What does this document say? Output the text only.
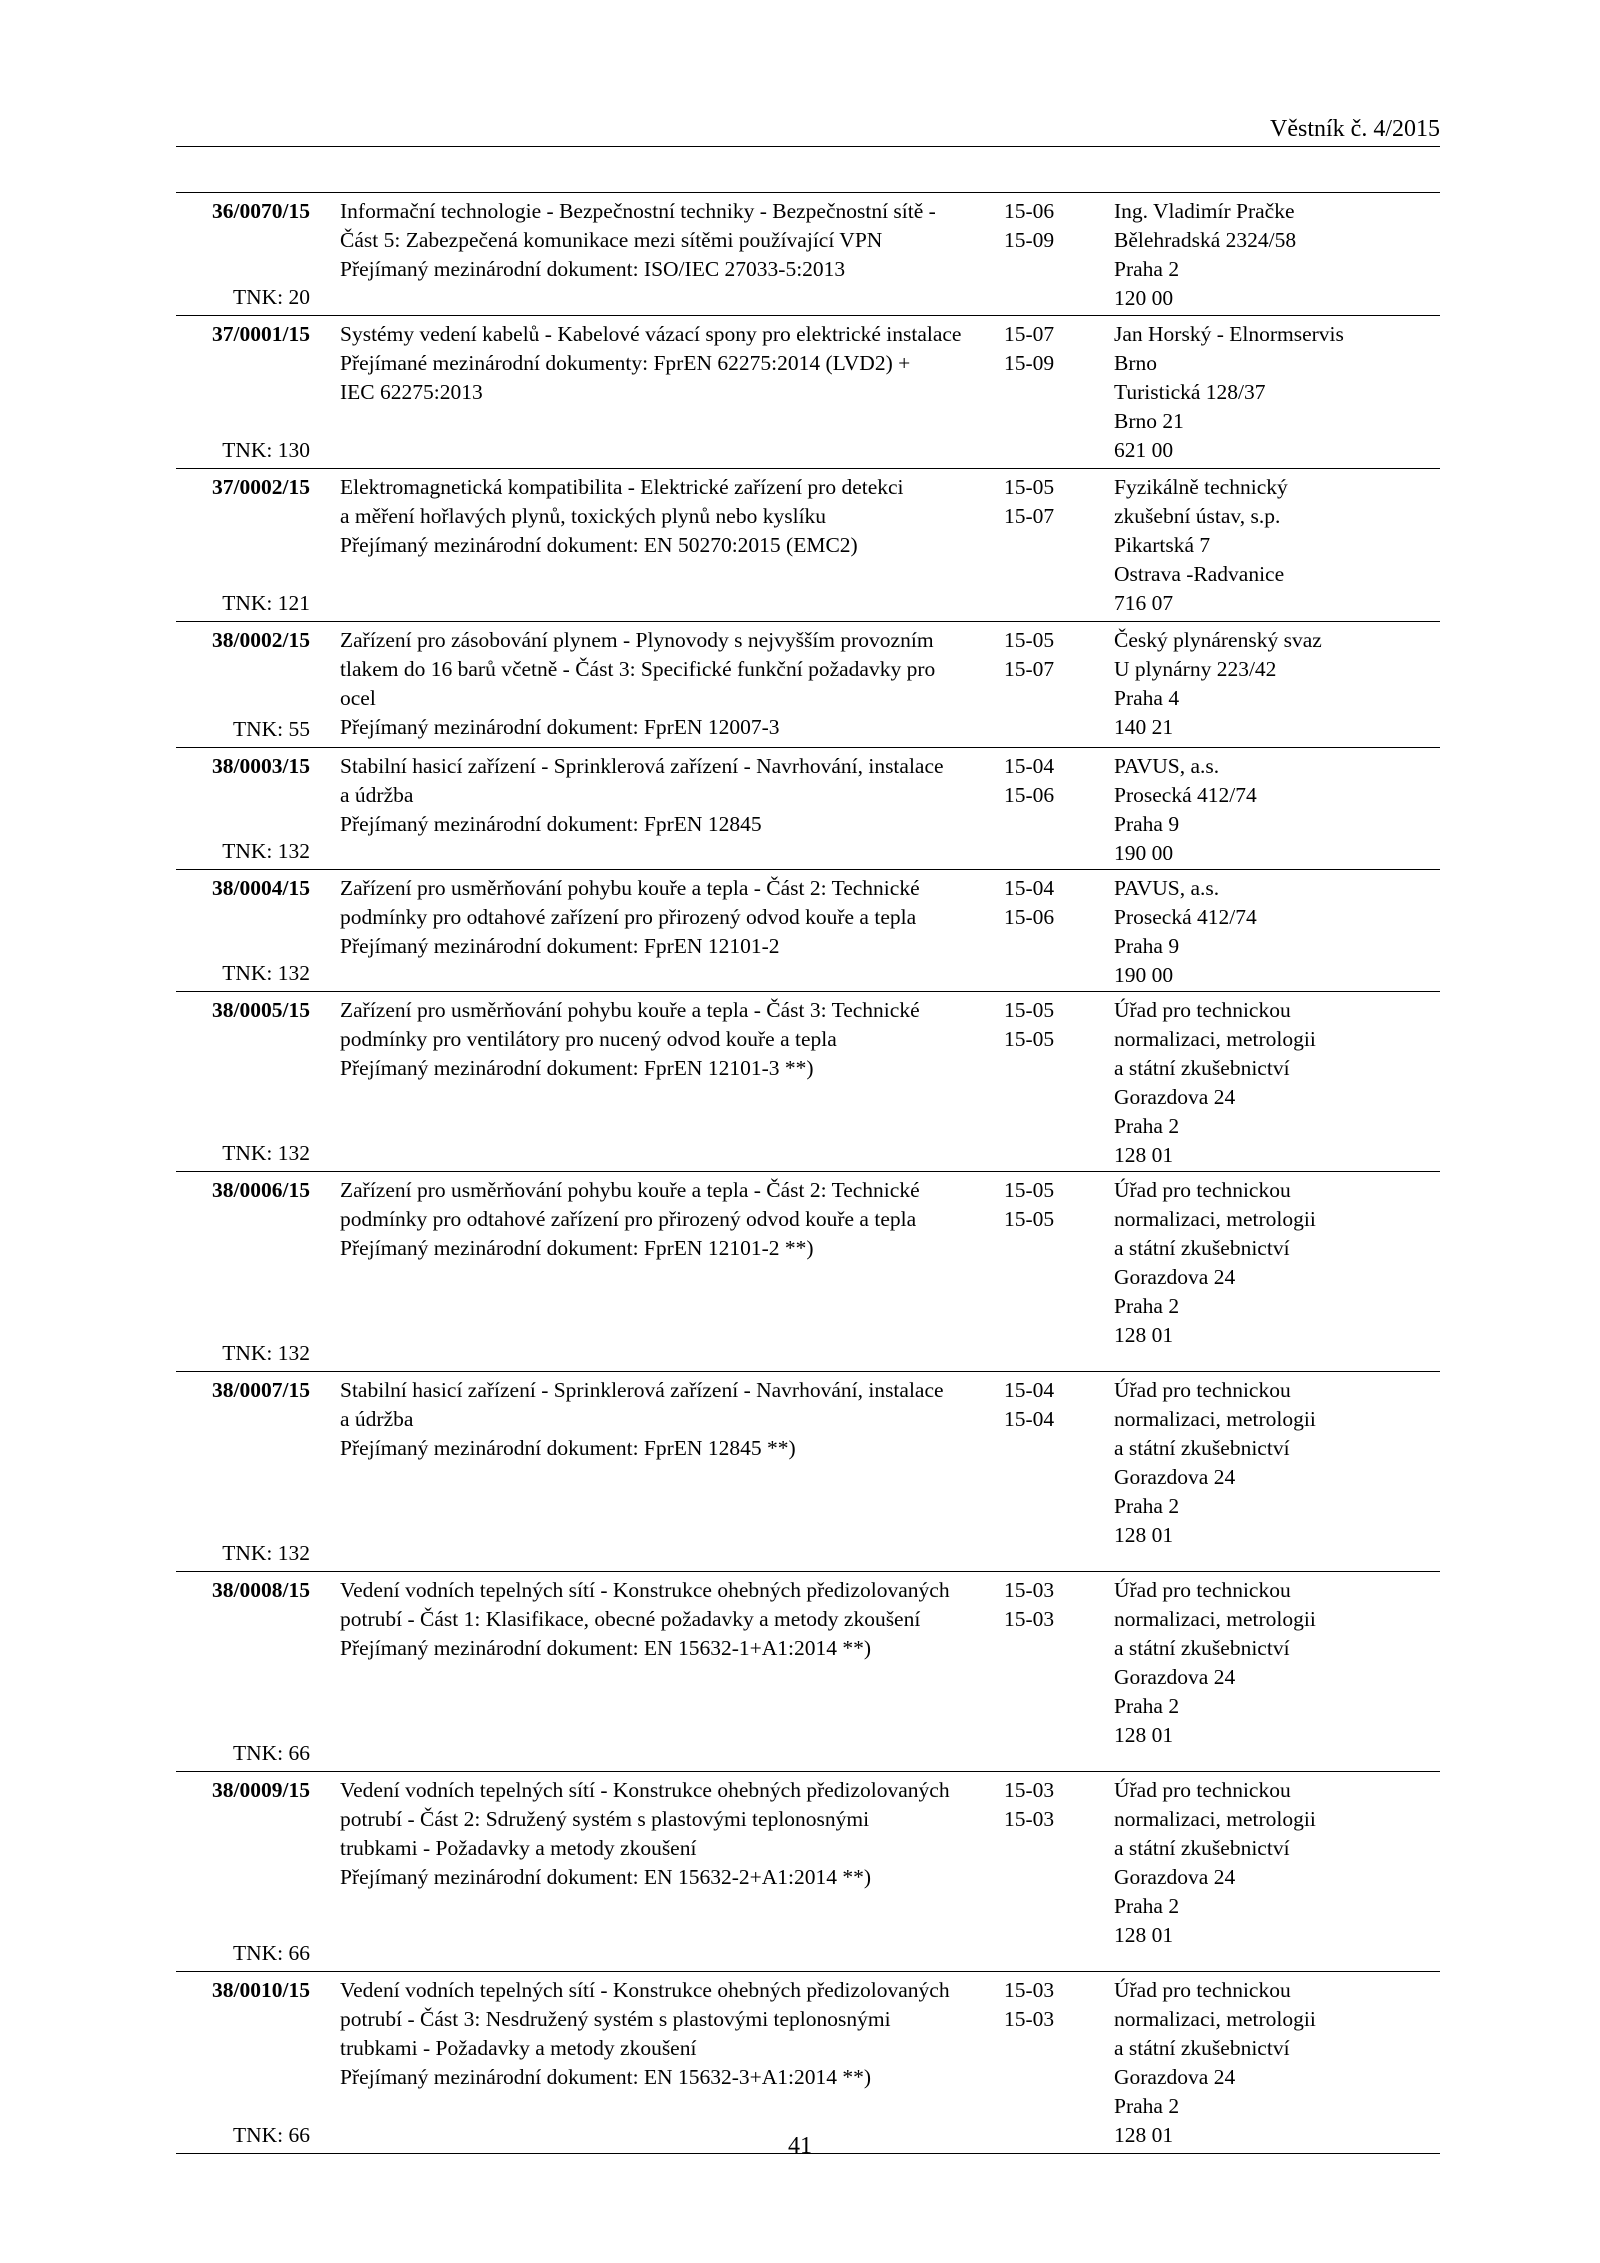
Věstník č. 4/2015
36/0070/15
TNK: 20
Informační technologie - Bezpečnostní techniky - Bezpečnostní sítě -
Část 5: Zabezpečená komunikace mezi sítěmi používající VPN
Přejímaný mezinárodní dokument: ISO/IEC 27033-5:2013
15-06
15-09
Ing. Vladimír Pračke
Bělehradská 2324/58
Praha 2
120 00
37/0001/15
TNK: 130
Systémy vedení kabelů - Kabelové vázací spony pro elektrické instalace
Přejímané mezinárodní dokumenty: FprEN 62275:2014 (LVD2) +
IEC 62275:2013
15-07
15-09
Jan Horský - Elnormservis
Brno
Turistická 128/37
Brno 21
621 00
37/0002/15
TNK: 121
Elektromagnetická kompatibilita - Elektrické zařízení pro detekci
a měření hořlavých plynů, toxických plynů nebo kyslíku
Přejímaný mezinárodní dokument: EN 50270:2015 (EMC2)
15-05
15-07
Fyzikálně technický
zkušební ústav, s.p.
Pikartská 7
Ostrava -Radvanice
716 07
38/0002/15
TNK: 55
Zařízení pro zásobování plynem - Plynovody s nejvyšším provozním
tlakem do 16 barů včetně - Část 3: Specifické funkční požadavky pro
ocel
Přejímaný mezinárodní dokument: FprEN 12007-3
15-05
15-07
Český plynárenský svaz
U plynárny 223/42
Praha 4
140 21
38/0003/15
TNK: 132
Stabilní hasicí zařízení - Sprinklerová zařízení - Navrhování, instalace
a údržba
Přejímaný mezinárodní dokument: FprEN 12845
15-04
15-06
PAVUS, a.s.
Prosecká 412/74
Praha 9
190 00
38/0004/15
TNK: 132
Zařízení pro usměrňování pohybu kouře a tepla - Část 2: Technické
podmínky pro odtahové zařízení pro přirozený odvod kouře a tepla
Přejímaný mezinárodní dokument: FprEN 12101-2
15-04
15-06
PAVUS, a.s.
Prosecká 412/74
Praha 9
190 00
38/0005/15
TNK: 132
Zařízení pro usměrňování pohybu kouře a tepla - Část 3: Technické
podmínky pro ventilátory pro nucený odvod kouře a tepla
Přejímaný mezinárodní dokument: FprEN 12101-3 **)
15-05
15-05
Úřad pro technickou
normalizaci, metrologii
a státní zkušebnictví
Gorazdova 24
Praha 2
128 01
38/0006/15
TNK: 132
Zařízení pro usměrňování pohybu kouře a tepla - Část 2: Technické
podmínky pro odtahové zařízení pro přirozený odvod kouře a tepla
Přejímaný mezinárodní dokument: FprEN 12101-2 **)
15-05
15-05
Úřad pro technickou
normalizaci, metrologii
a státní zkušebnictví
Gorazdova 24
Praha 2
128 01
38/0007/15
TNK: 132
Stabilní hasicí zařízení - Sprinklerová zařízení - Navrhování, instalace
a údržba
Přejímaný mezinárodní dokument: FprEN 12845 **)
15-04
15-04
Úřad pro technickou
normalizaci, metrologii
a státní zkušebnictví
Gorazdova 24
Praha 2
128 01
38/0008/15
TNK: 66
Vedení vodních tepelných sítí - Konstrukce ohebných předizolovaných
potrubí - Část 1: Klasifikace, obecné požadavky a metody zkoušení
Přejímaný mezinárodní dokument: EN 15632-1+A1:2014 **)
15-03
15-03
Úřad pro technickou
normalizaci, metrologii
a státní zkušebnictví
Gorazdova 24
Praha 2
128 01
38/0009/15
TNK: 66
Vedení vodních tepelných sítí - Konstrukce ohebných předizolovaných
potrubí - Část 2: Sdružený systém s plastovými teplonosnými
trubkami - Požadavky a metody zkoušení
Přejímaný mezinárodní dokument: EN 15632-2+A1:2014 **)
15-03
15-03
Úřad pro technickou
normalizaci, metrologii
a státní zkušebnictví
Gorazdova 24
Praha 2
128 01
38/0010/15
TNK: 66
Vedení vodních tepelných sítí - Konstrukce ohebných předizolovaných
potrubí - Část 3: Nesdružený systém s plastovými teplonosnými
trubkami - Požadavky a metody zkoušení
Přejímaný mezinárodní dokument: EN 15632-3+A1:2014 **)
15-03
15-03
Úřad pro technickou
normalizaci, metrologii
a státní zkušebnictví
Gorazdova 24
Praha 2
128 01
41
